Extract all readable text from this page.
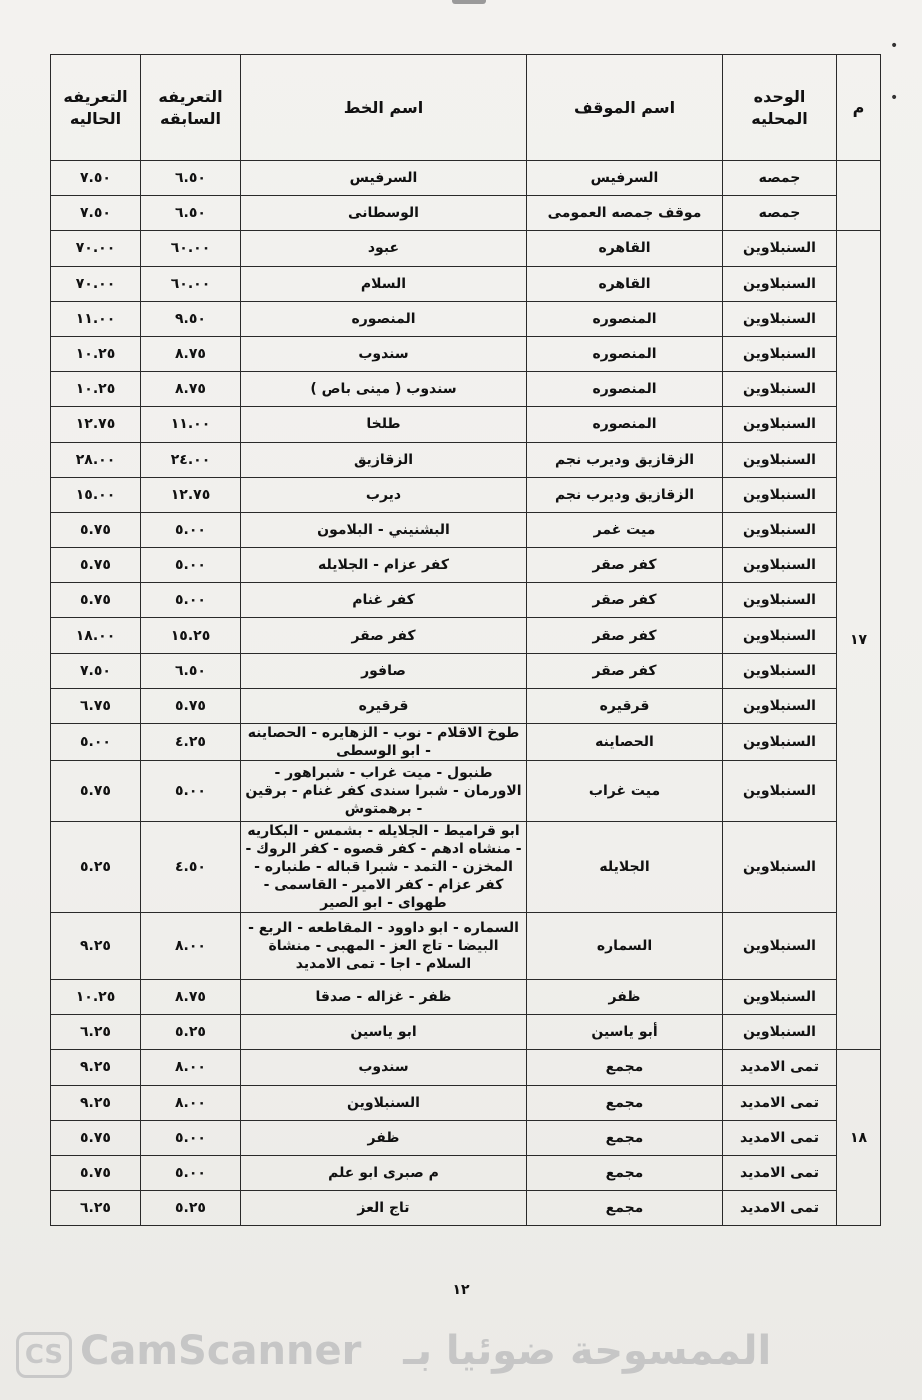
•
•
م	الوحده المحليه	اسم الموقف	اسم الخط	التعريفه السابقه	التعريفه الحاليه
	جمصه	السرفيس	السرفيس	٦.٥٠	٧.٥٠
	جمصه	موقف جمصه العمومى	الوسطانى	٦.٥٠	٧.٥٠
١٧	السنبلاوين	القاهره	عبود	٦٠.٠٠	٧٠.٠٠
	السنبلاوين	القاهره	السلام	٦٠.٠٠	٧٠.٠٠
	السنبلاوين	المنصوره	المنصوره	٩.٥٠	١١.٠٠
	السنبلاوين	المنصوره	سندوب	٨.٧٥	١٠.٢٥
	السنبلاوين	المنصوره	سندوب ( مينى باص )	٨.٧٥	١٠.٢٥
	السنبلاوين	المنصوره	طلخا	١١.٠٠	١٢.٧٥
	السنبلاوين	الزقازيق وديرب نجم	الزقازيق	٢٤.٠٠	٢٨.٠٠
	السنبلاوين	الزقازيق وديرب نجم	ديرب	١٢.٧٥	١٥.٠٠
	السنبلاوين	ميت غمر	البشنيني - البلامون	٥.٠٠	٥.٧٥
	السنبلاوين	كفر صقر	كفر عزام - الجلايله	٥.٠٠	٥.٧٥
	السنبلاوين	كفر صقر	كفر غنام	٥.٠٠	٥.٧٥
	السنبلاوين	كفر صقر	كفر صقر	١٥.٢٥	١٨.٠٠
	السنبلاوين	كفر صقر	صافور	٦.٥٠	٧.٥٠
	السنبلاوين	قرقيره	قرقيره	٥.٧٥	٦.٧٥
	السنبلاوين	الحصاينه	طوخ الاقلام - نوب - الزهايره - الحصاينه - ابو الوسطى	٤.٢٥	٥.٠٠
	السنبلاوين	ميت غراب	طنبول - ميت غراب - شبراهور - الاورمان - شبرا سندى كفر غنام - برقين - برهمتوش	٥.٠٠	٥.٧٥
	السنبلاوين	الجلايله	ابو قراميط - الجلايله - بشمس - البكاريه - منشاه ادهم - كفر قصوه - كفر الروك - المخزن - التمد - شبرا قباله - طنباره - كفر عزام - كفر الامير - القاسمى - طهواى - ابو الصير	٤.٥٠	٥.٢٥
	السنبلاوين	السماره	السماره - ابو داوود - المقاطعه - الربع - البيضا - تاج العز - المهبى - منشاة السلام - اجا - تمى الامديد	٨.٠٠	٩.٢٥
	السنبلاوين	ظفر	ظفر - غزاله - صدقا	٨.٧٥	١٠.٢٥
	السنبلاوين	أبو ياسين	ابو ياسين	٥.٢٥	٦.٢٥
١٨	تمى الامديد	مجمع	سندوب	٨.٠٠	٩.٢٥
	تمى الامديد	مجمع	السنبلاوين	٨.٠٠	٩.٢٥
	تمى الامديد	مجمع	ظفر	٥.٠٠	٥.٧٥
	تمى الامديد	مجمع	م صبرى ابو علم	٥.٠٠	٥.٧٥
	تمى الامديد	مجمع	تاج العز	٥.٢٥	٦.٢٥
١٢
CS CamScanner الممسوحة ضوئيا بـ
